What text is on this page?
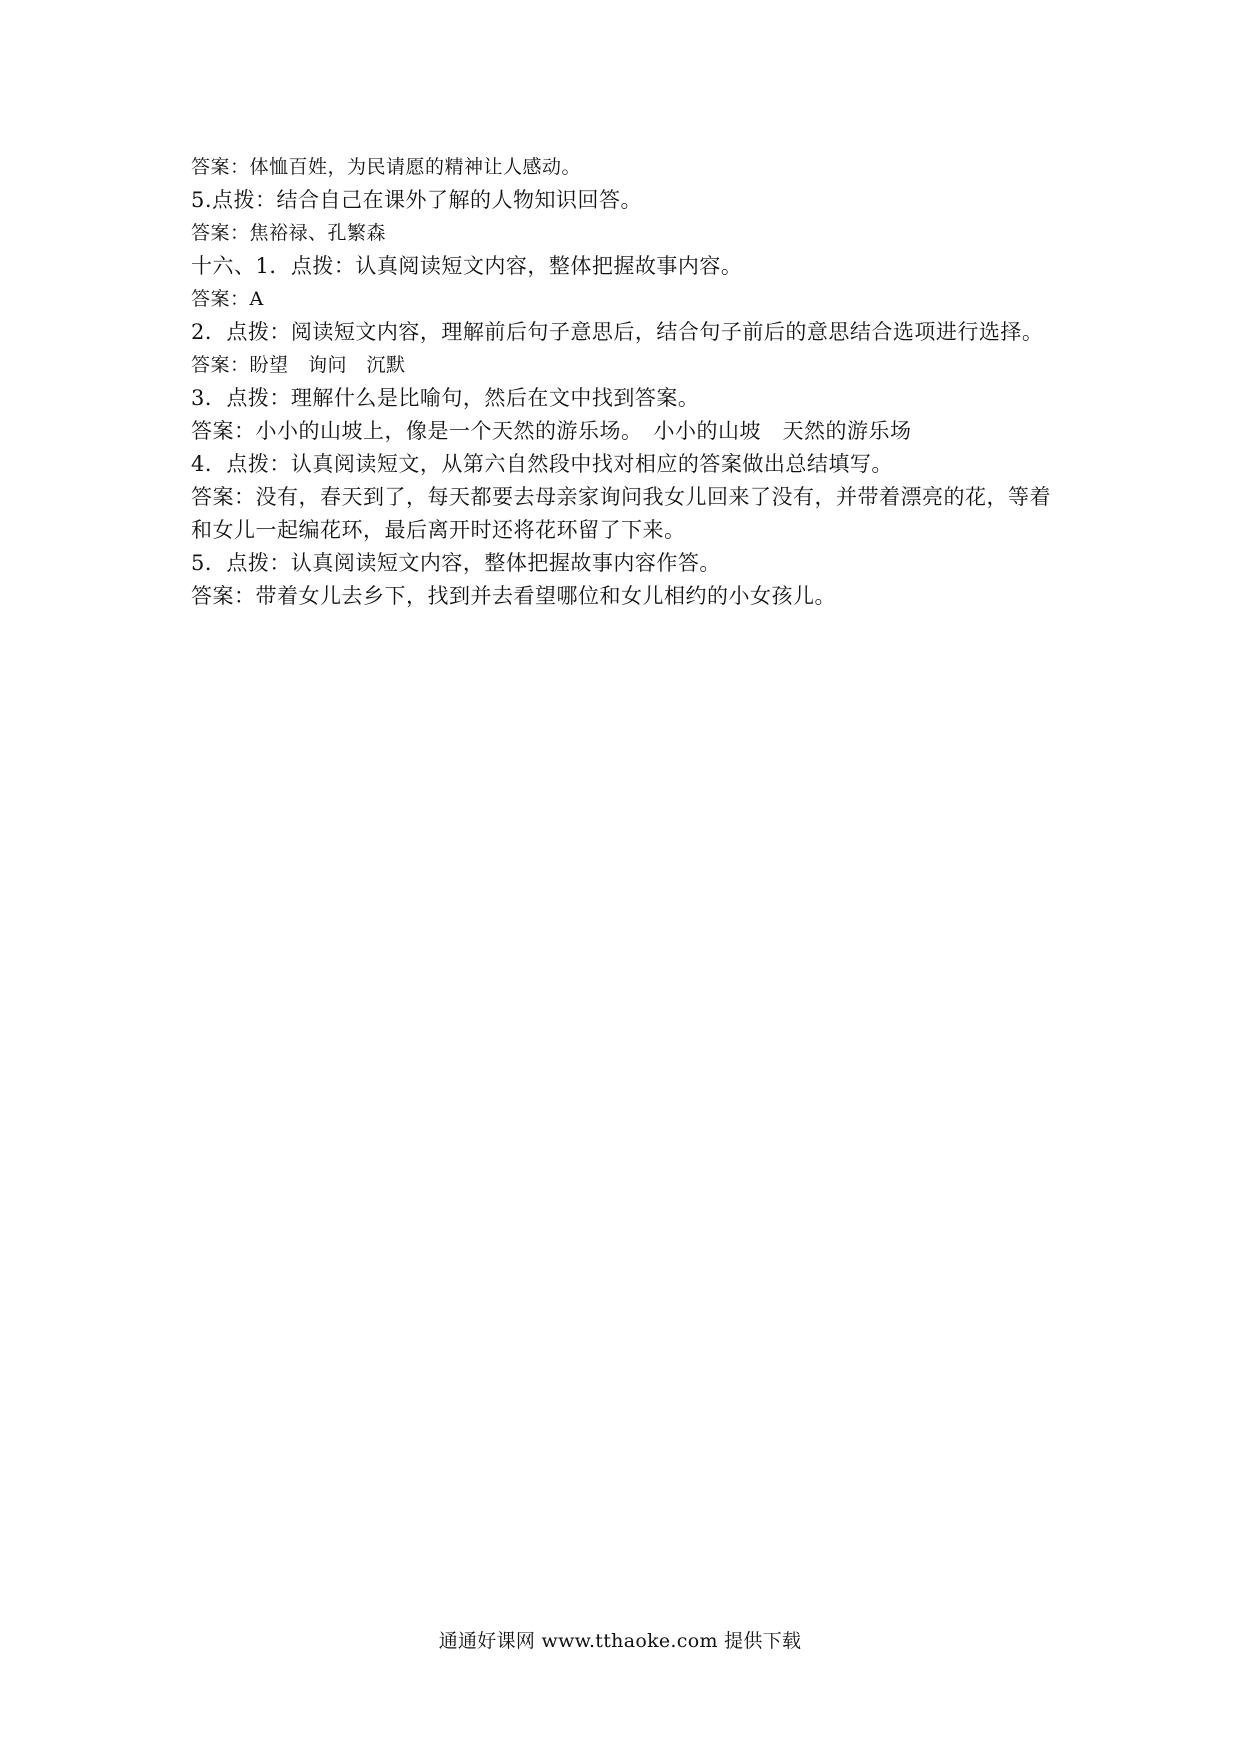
答案：体恤百姓，为民请愿的精神让人感动。
5.点拨：结合自己在课外了解的人物知识回答。
答案：焦裕禄、孔繁森
十六、1．点拨：认真阅读短文内容，整体把握故事内容。
答案：A
2．点拨：阅读短文内容，理解前后句子意思后，结合句子前后的意思结合选项进行选择。
答案：盼望　询问　沉默
3．点拨：理解什么是比喻句，然后在文中找到答案。
答案：小小的山坡上，像是一个天然的游乐场。　小小的山坡　天然的游乐场
4．点拨：认真阅读短文，从第六自然段中找对相应的答案做出总结填写。
答案：没有，春天到了，每天都要去母亲家询问我女儿回来了没有，并带着漂亮的花，等着和女儿一起编花环，最后离开时还将花环留了下来。
5．点拨：认真阅读短文内容，整体把握故事内容作答。
答案：带着女儿去乡下，找到并去看望哪位和女儿相约的小女孩儿。
通通好课网 www.tthaoke.com 提供下载
